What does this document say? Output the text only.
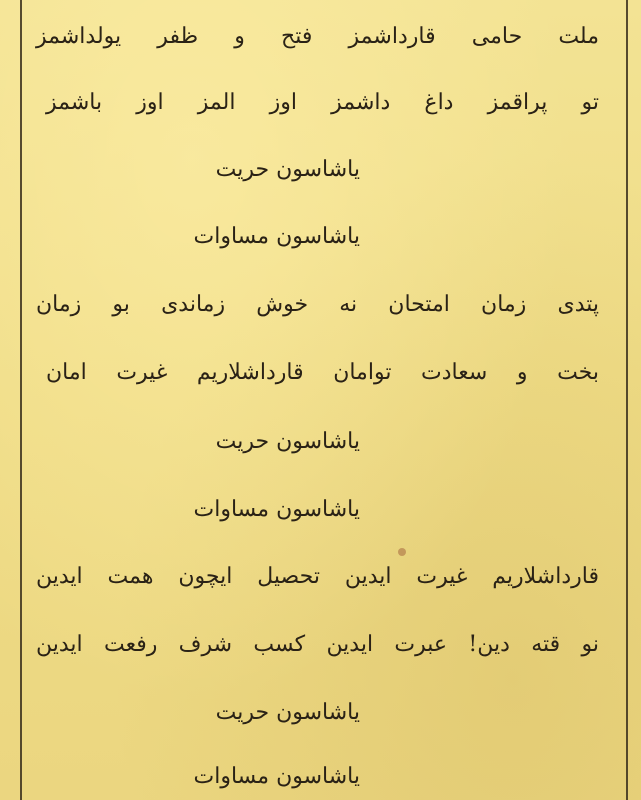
ملت حامی قارداشمز فتح و ظفر یولداشمز
تو پراقمز داغ داشمز اوز المز اوز باشمز
یاشاسون حریت
یاشاسون مساوات
پتدی زمان امتحان نه خوش زماندی بو زمان
بخت و سعادت توامان قارداشلاریم غیرت امان
یاشاسون حریت
یاشاسون مساوات
قارداشلاریم غیرت ایدین تحصیل ایچون همت ایدین
نو قته دین! عبرت ایدین کسب شرف رفعت ایدین
یاشاسون حریت
یاشاسون مساوات
